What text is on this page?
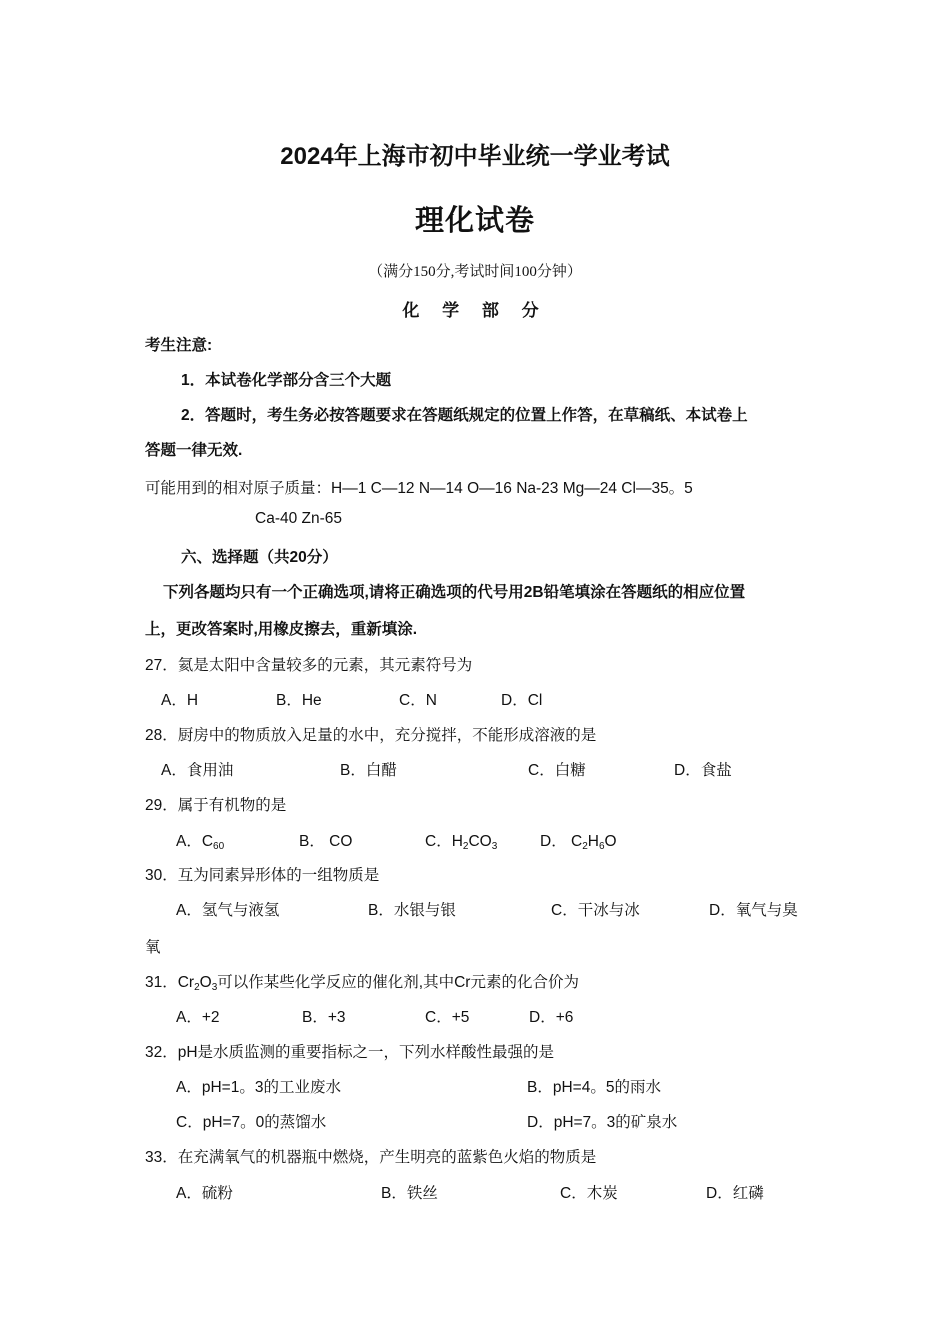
2024年上海市初中毕业统一学业考试
理化试卷
（满分150分,考试时间100分钟）
化 学 部 分
考生注意:
1．本试卷化学部分含三个大题
2．答题时，考生务必按答题要求在答题纸规定的位置上作答，在草稿纸、本试卷上
答题一律无效.
可能用到的相对原子质量：H—1 C—12 N—14 O—16 Na-23 Mg—24 Cl—35。5
Ca-40 Zn-65
六、选择题（共20分）
下列各题均只有一个正确选项,请将正确选项的代号用2B铅笔填涂在答题纸的相应位置
上，更改答案时,用橡皮擦去，重新填涂.
27．氦是太阳中含量较多的元素，其元素符号为
A．H	B．He	C．N	D．Cl
28．厨房中的物质放入足量的水中，充分搅拌，不能形成溶液的是
A．食用油	B．白醋	C．白糖	D．食盐
29．属于有机物的是
A．$C_{60}$	B． CO	C．$H_2CO_3$	D． $C_2H_6O$
30．互为同素异形体的一组物质是
A．氢气与液氢	B．水银与银	C．干冰与冰	D．氧气与臭
氧
31．$Cr_2O_3$可以作某些化学反应的催化剂,其中Cr元素的化合价为
A．+2	B．+3	C．+5	D．+6
32．pH是水质监测的重要指标之一，下列水样酸性最强的是
A．pH=1。3的工业废水	B．pH=4。5的雨水
C．pH=7。0的蒸馏水	D．pH=7。3的矿泉水
33．在充满氧气的机器瓶中燃烧，产生明亮的蓝紫色火焰的物质是
A．硫粉	B．铁丝	C．木炭	D．红磷
